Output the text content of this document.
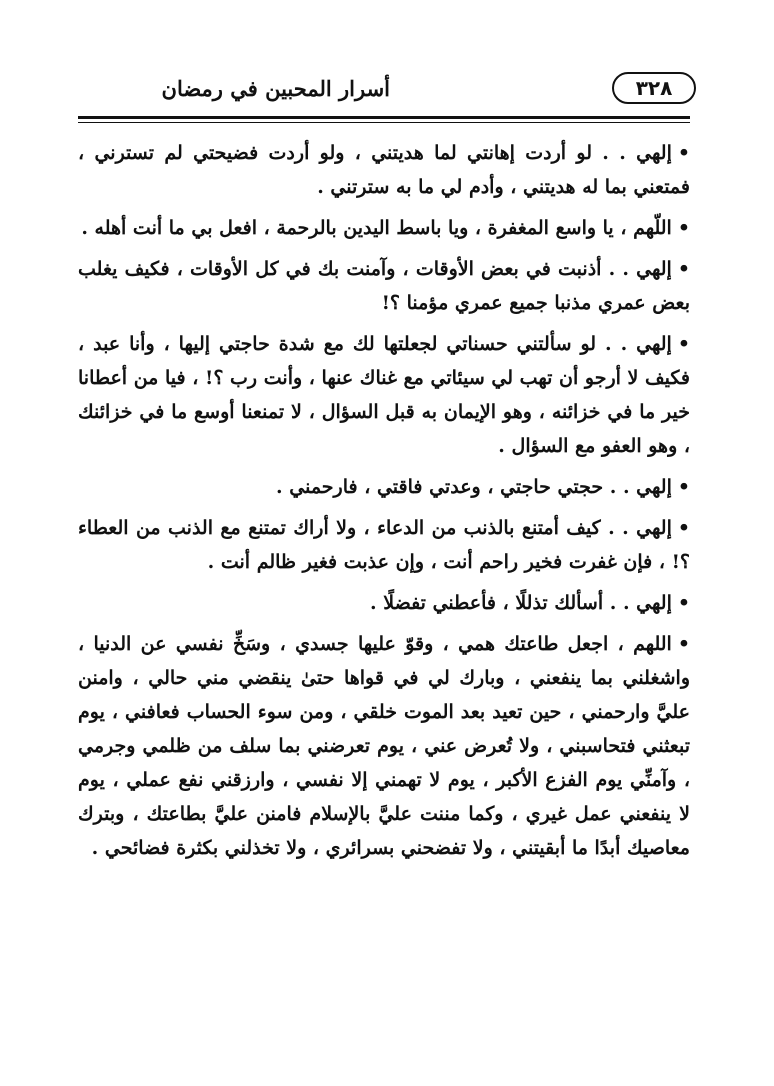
أسرار المحبين في رمضان	٣٢٨

•إلهي . . لو أردت إهانتي لما هديتني ، ولو أردت فضيحتي لم تسترني ، فمتعني بما له هديتني ، وأدم لي ما به سترتني .

•اللّهم ، يا واسع المغفرة ، ويا باسط اليدين بالرحمة ، افعل بي ما أنت أهله .

•إلهي . . أذنبت في بعض الأوقات ، وآمنت بك في كل الأوقات ، فكيف يغلب بعض عمري مذنبا جميع عمري مؤمنا ؟!

•إلهي . . لو سألتني حسناتي لجعلتها لك مع شدة حاجتي إليها ، وأنا عبد ، فكيف لا أرجو أن تهب لي سيئاتي مع غناك عنها ، وأنت رب ؟! ، فيا من أعطانا خير ما في خزائنه ، وهو الإيمان به قبل السؤال ، لا تمنعنا أوسع ما في خزائنك ، وهو العفو مع السؤال .

•إلهي . . حجتي حاجتي ، وعدتي فاقتي ، فارحمني .

•إلهي . . كيف أمتنع بالذنب من الدعاء ، ولا أراك تمتنع مع الذنب من العطاء ؟! ، فإن غفرت فخير راحم أنت ، وإن عذبت فغير ظالم أنت .

•إلهي . . أسألك تذللًا ، فأعطني تفضلًا .

•اللهم ، اجعل طاعتك همي ، وقوّ عليها جسدي ، وسَخِّ نفسي عن الدنيا ، واشغلني بما ينفعني ، وبارك لي في قواها حتىٰ ينقضي مني حالي ، وامنن عليَّ وارحمني ، حين تعيد بعد الموت خلقي ، ومن سوء الحساب فعافني ، يوم تبعثني فتحاسبني ، ولا تُعرض عني ، يوم تعرضني بما سلف من ظلمي وجرمي ، وآمنِّي يوم الفزع الأكبر ، يوم لا تهمني إلا نفسي ، وارزقني نفع عملي ، يوم لا ينفعني عمل غيري ، وكما مننت عليَّ بالإسلام فامنن عليَّ بطاعتك ، وبترك معاصيك أبدًا ما أبقيتني ، ولا تفضحني بسرائري ، ولا تخذلني بكثرة فضائحي .
